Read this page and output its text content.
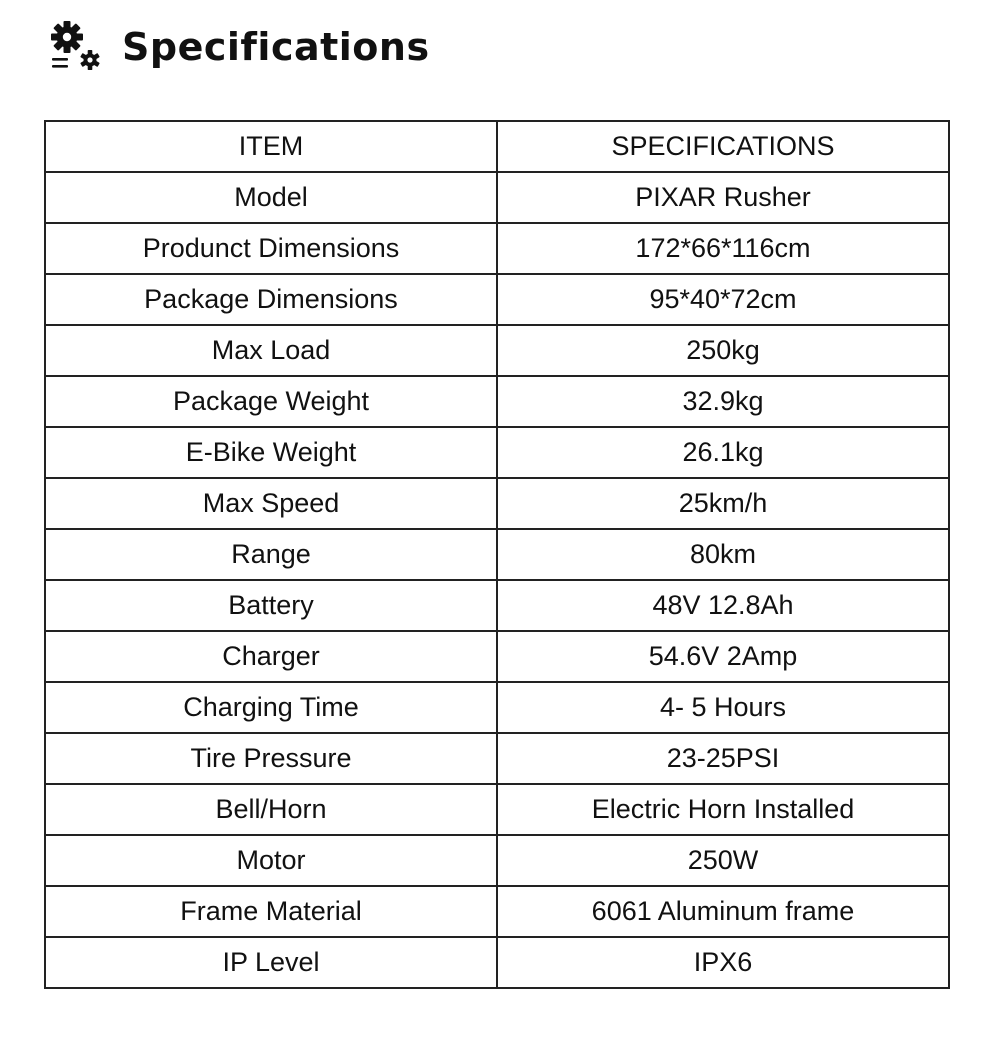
Specifications
ITEM	SPECIFICATIONS
Model	PIXAR Rusher
Produnct Dimensions	172*66*116cm
Package Dimensions	95*40*72cm
Max Load	250kg
Package Weight	32.9kg
E-Bike Weight	26.1kg
Max Speed	25km/h
Range	80km
Battery	48V 12.8Ah
Charger	54.6V 2Amp
Charging Time	4- 5 Hours
Tire Pressure	23-25PSI
Bell/Horn	Electric Horn Installed
Motor	250W
Frame Material	6061 Aluminum frame
IP Level	IPX6
